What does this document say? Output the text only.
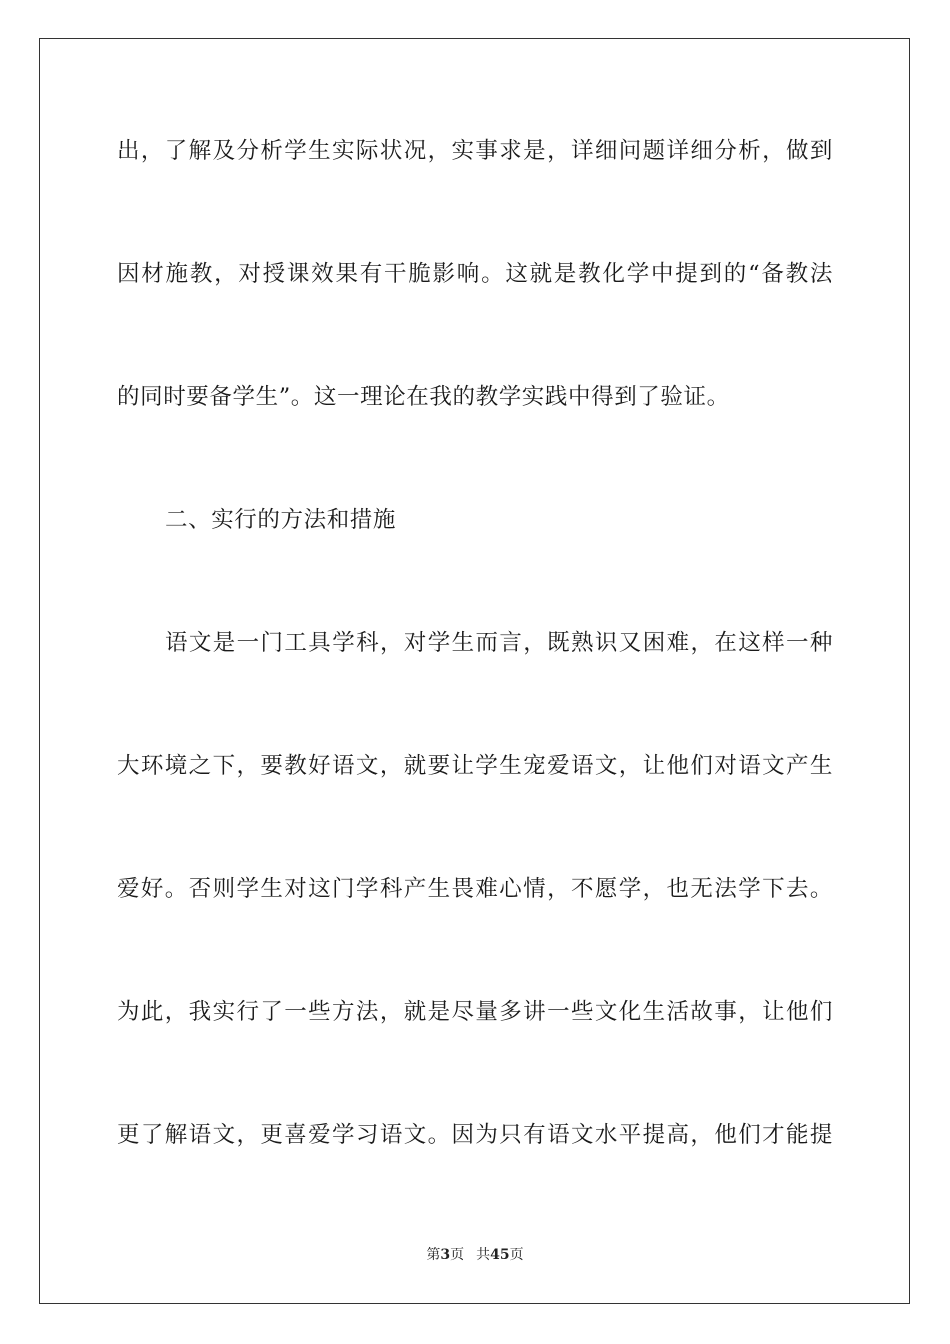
出，了解及分析学生实际状况，实事求是，详细问题详细分析，做到
因材施教，对授课效果有干脆影响。这就是教化学中提到的“备教法
的同时要备学生”。这一理论在我的教学实践中得到了验证。
二、实行的方法和措施
语文是一门工具学科，对学生而言，既熟识又困难，在这样一种
大环境之下，要教好语文，就要让学生宠爱语文，让他们对语文产生
爱好。否则学生对这门学科产生畏难心情，不愿学，也无法学下去。
为此，我实行了一些方法，就是尽量多讲一些文化生活故事，让他们
更了解语文，更喜爱学习语文。因为只有语文水平提高，他们才能提
第3页 共45页
